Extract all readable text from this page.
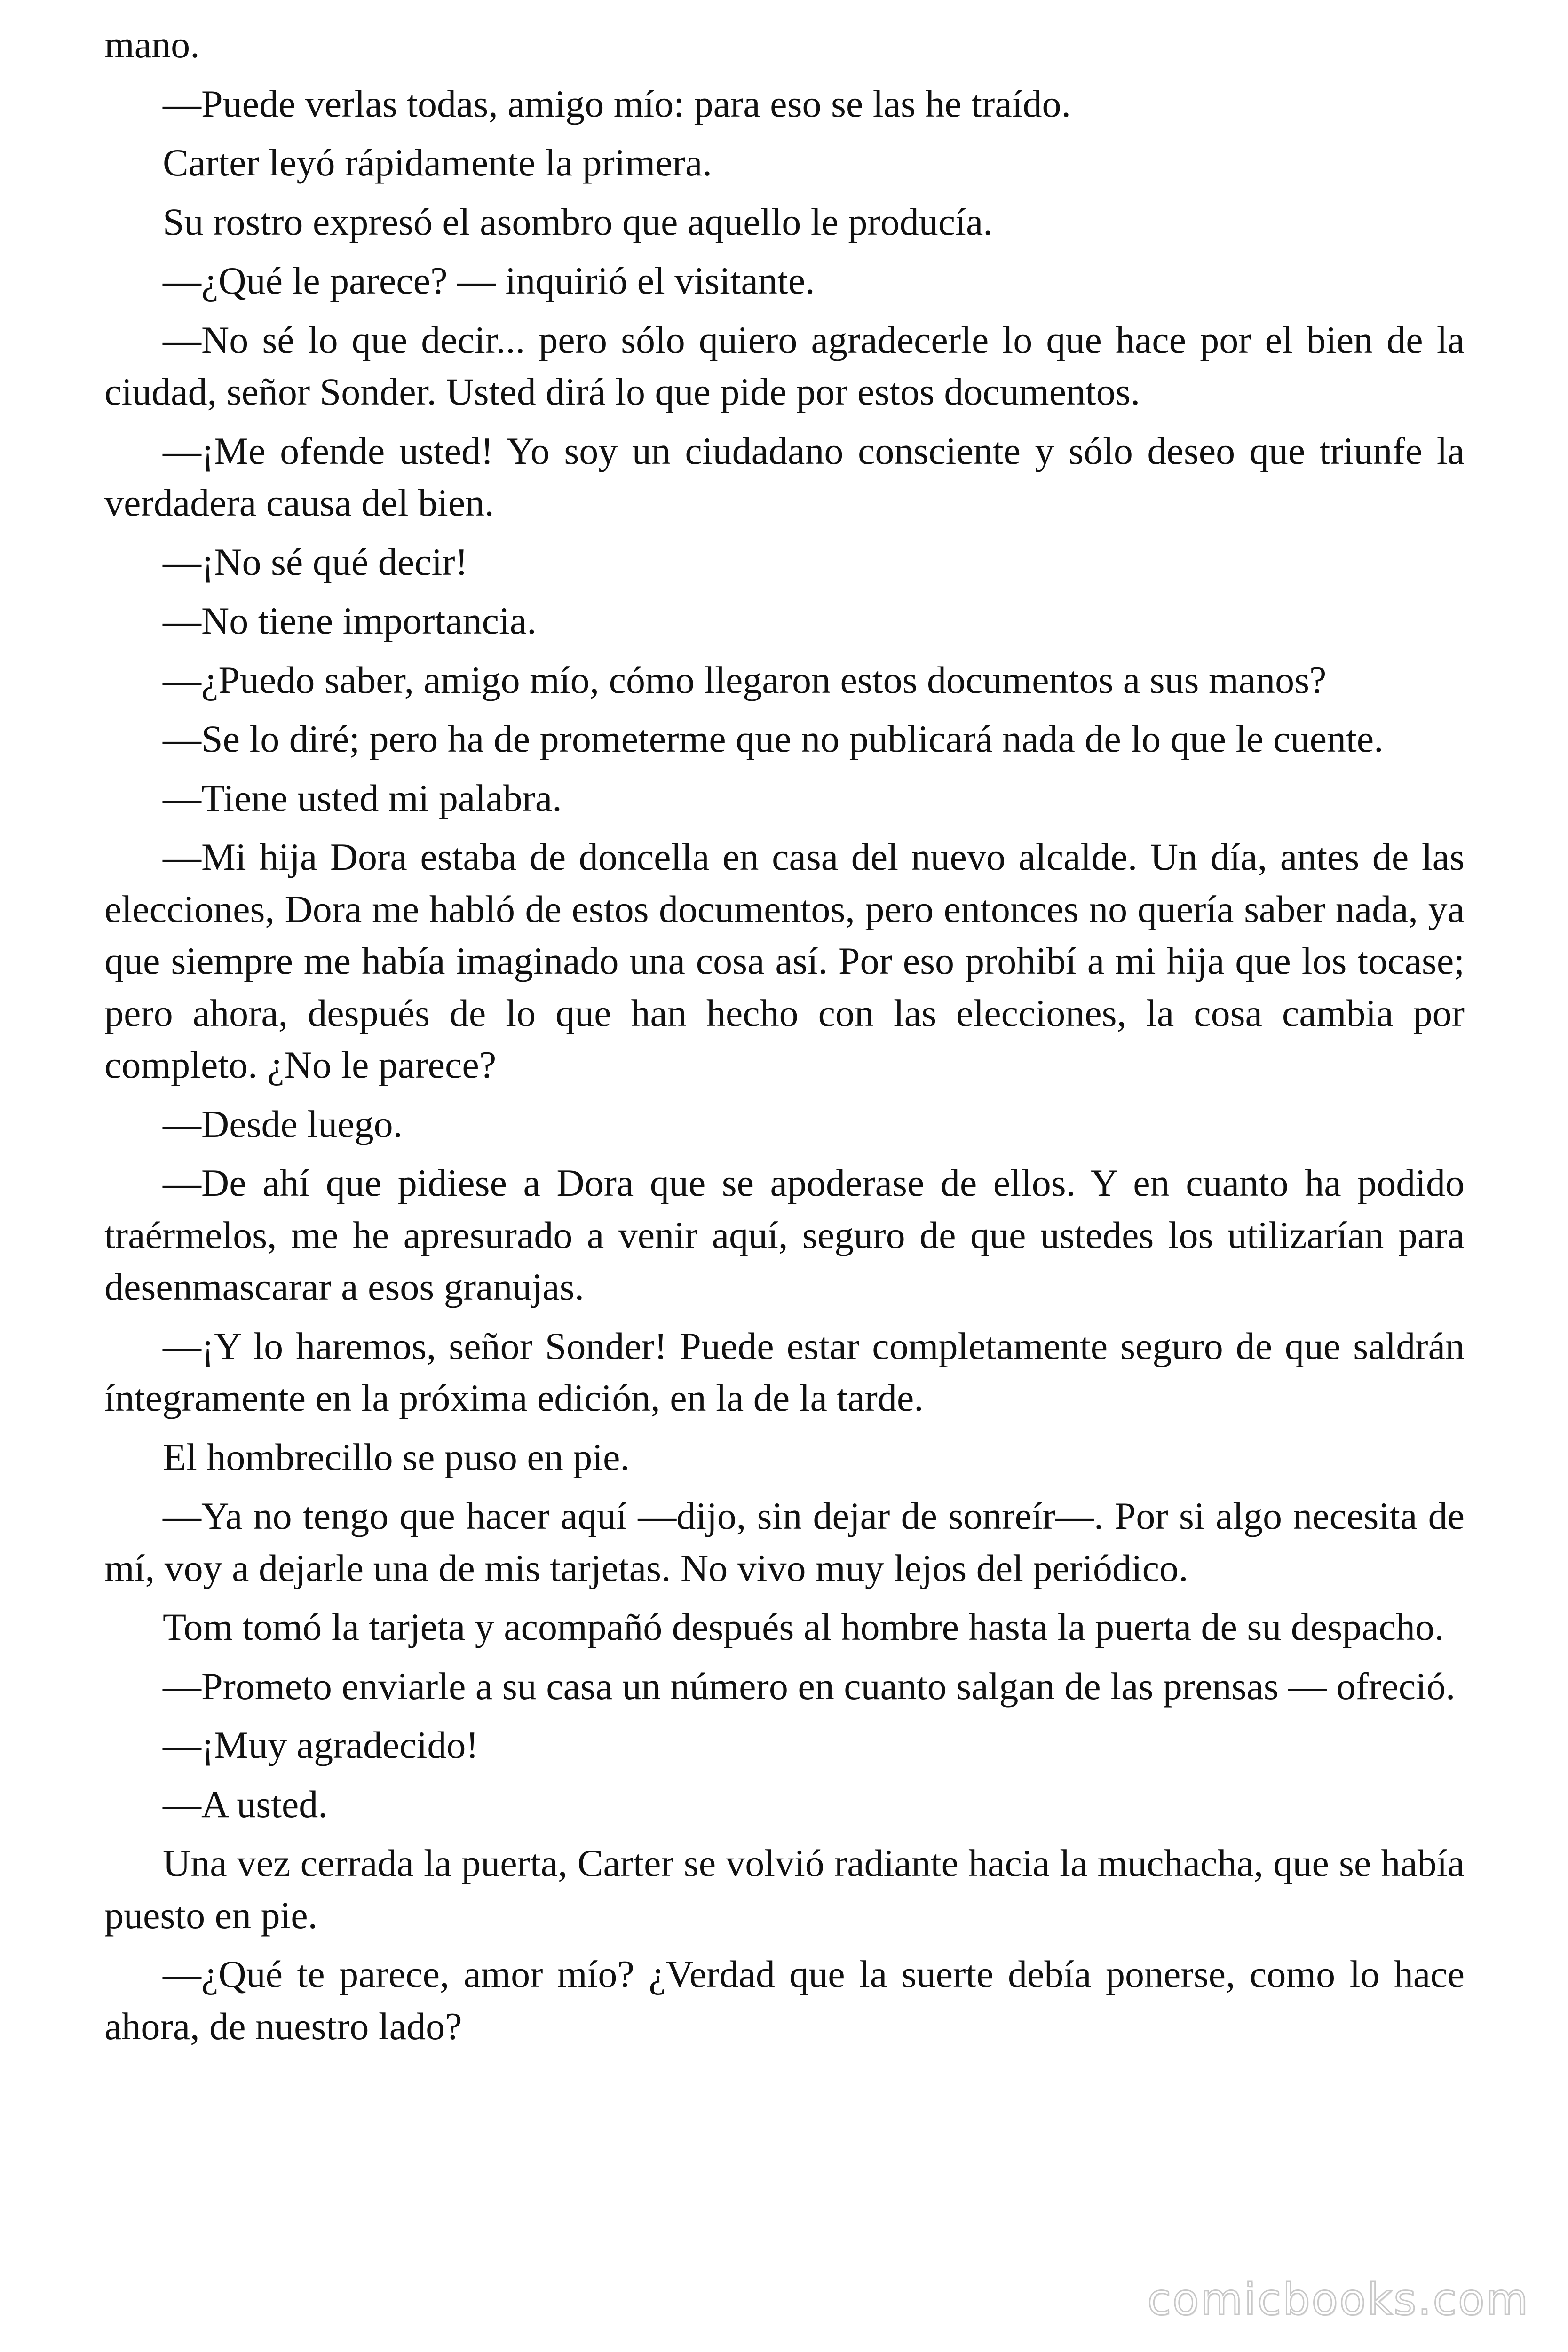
mano.

—Puede verlas todas, amigo mío: para eso se las he traído.

Carter leyó rápidamente la primera.

Su rostro expresó el asombro que aquello le producía.

—¿Qué le parece? — inquirió el visitante.

—No sé lo que decir... pero sólo quiero agradecerle lo que hace por el bien de la ciudad, señor Sonder. Usted dirá lo que pide por estos documentos.

—¡Me ofende usted! Yo soy un ciudadano consciente y sólo deseo que triunfe la verdadera causa del bien.

—¡No sé qué decir!

—No tiene importancia.

—¿Puedo saber, amigo mío, cómo llegaron estos documentos a sus manos?

—Se lo diré; pero ha de prometerme que no publicará nada de lo que le cuente.

—Tiene usted mi palabra.

—Mi hija Dora estaba de doncella en casa del nuevo alcalde. Un día, antes de las elecciones, Dora me habló de estos documentos, pero entonces no quería saber nada, ya que siempre me había imaginado una cosa así. Por eso prohibí a mi hija que los tocase; pero ahora, después de lo que han hecho con las elecciones, la cosa cambia por completo. ¿No le parece?

—Desde luego.

—De ahí que pidiese a Dora que se apoderase de ellos. Y en cuanto ha podido traérmelos, me he apresurado a venir aquí, seguro de que ustedes los utilizarían para desenmascarar a esos granujas.

—¡Y lo haremos, señor Sonder! Puede estar completamente seguro de que saldrán íntegramente en la próxima edición, en la de la tarde.

El hombrecillo se puso en pie.

—Ya no tengo que hacer aquí —dijo, sin dejar de sonreír—. Por si algo necesita de mí, voy a dejarle una de mis tarjetas. No vivo muy lejos del periódico.

Tom tomó la tarjeta y acompañó después al hombre hasta la puerta de su despacho.

—Prometo enviarle a su casa un número en cuanto salgan de las prensas — ofreció.

—¡Muy agradecido!

—A usted.

Una vez cerrada la puerta, Carter se volvió radiante hacia la muchacha, que se había puesto en pie.

—¿Qué te parece, amor mío? ¿Verdad que la suerte debía ponerse, como lo hace ahora, de nuestro lado?

comicbooks.com
